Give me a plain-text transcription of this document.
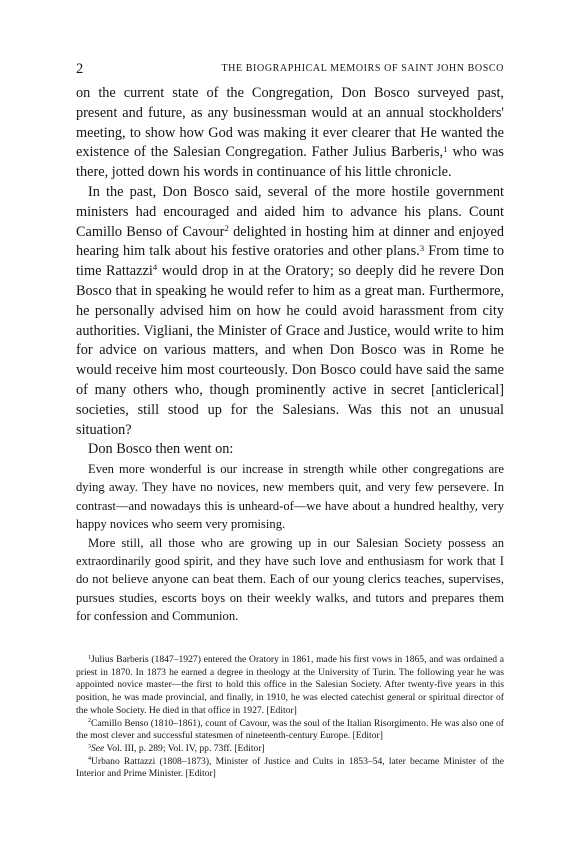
2	THE BIOGRAPHICAL MEMOIRS OF SAINT JOHN BOSCO

on the current state of the Congregation, Don Bosco surveyed past, present and future, as any businessman would at an annual stockholders' meeting, to show how God was making it ever clearer that He wanted the existence of the Salesian Congregation. Father Julius Barberis,$^1$ who was there, jotted down his words in continuance of his little chronicle.

In the past, Don Bosco said, several of the more hostile government ministers had encouraged and aided him to advance his plans. Count Camillo Benso of Cavour$^2$ delighted in hosting him at dinner and enjoyed hearing him talk about his festive oratories and other plans.$^3$ From time to time Rattazzi$^4$ would drop in at the Oratory; so deeply did he revere Don Bosco that in speaking he would refer to him as a great man. Furthermore, he personally advised him on how he could avoid harassment from city authorities. Vigliani, the Minister of Grace and Justice, would write to him for advice on various matters, and when Don Bosco was in Rome he would receive him most courteously. Don Bosco could have said the same of many others who, though prominently active in secret [anticlerical] societies, still stood up for the Salesians. Was this not an unusual situation?

Don Bosco then went on:

Even more wonderful is our increase in strength while other congregations are dying away. They have no novices, new members quit, and very few persevere. In contrast—and nowadays this is unheard-of—we have about a hundred healthy, very happy novices who seem very promising.

More still, all those who are growing up in our Salesian Society possess an extraordinarily good spirit, and they have such love and enthusiasm for work that I do not believe anyone can beat them. Each of our young clerics teaches, supervises, pursues studies, escorts boys on their weekly walks, and tutors and prepares them for confession and Communion.

$^1$Julius Barberis (1847–1927) entered the Oratory in 1861, made his first vows in 1865, and was ordained a priest in 1870. In 1873 he earned a degree in theology at the University of Turin. The following year he was appointed novice master—the first to hold this office in the Salesian Society. After twenty-five years in this position, he was made provincial, and finally, in 1910, he was elected catechist general or spiritual director of the whole Society. He died in that office in 1927. [Editor]

$^2$Camillo Benso (1810–1861), count of Cavour, was the soul of the Italian Risorgimento. He was also one of the most clever and successful statesmen of nineteenth-century Europe. [Editor]

$^3$See Vol. III, p. 289; Vol. IV, pp. 73ff. [Editor]

$^4$Urbano Rattazzi (1808–1873), Minister of Justice and Cults in 1853–54, later became Minister of the Interior and Prime Minister. [Editor]
